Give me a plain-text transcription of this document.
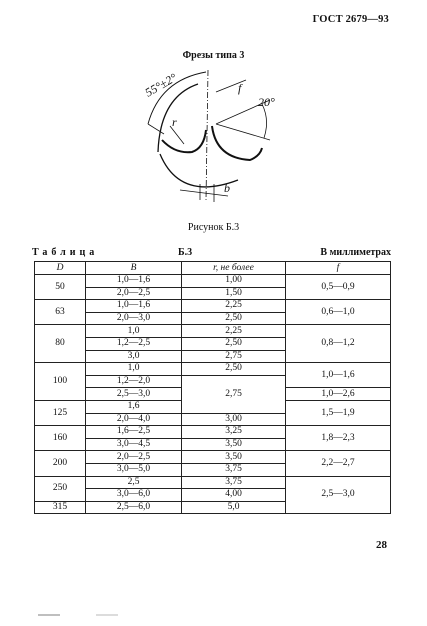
ГОСТ 2679—93
Фрезы типа 3
55°±2°	f
20°
r
b
Рисунок Б.3
Таблица	Б.3	В миллиметрах
D	B	r, не более	f
50	1,0—1,6	1,00	0,5—0,9
	2,0—2,5	1,50	
63	1,0—1,6	2,25	0,6—1,0
	2,0—3,0	2,50	
80	1,0	2,25	0,8—1,2
	1,2—2,5	2,50	
	3,0	2,75	
100	1,0	2,50	1,0—1,6
	1,2—2,0	2,75	
	2,5—3,0		1,0—2,6
125	1,6		1,5—1,9
	2,0—4,0	3,00	
160	1,6—2,5	3,25	1,8—2,3
	3,0—4,5	3,50	
200	2,0—2,5	3,50	2,2—2,7
	3,0—5,0	3,75	
250	2,5	3,75	2,5—3,0
	3,0—6,0	4,00	
315	2,5—6,0	5,0	
28
